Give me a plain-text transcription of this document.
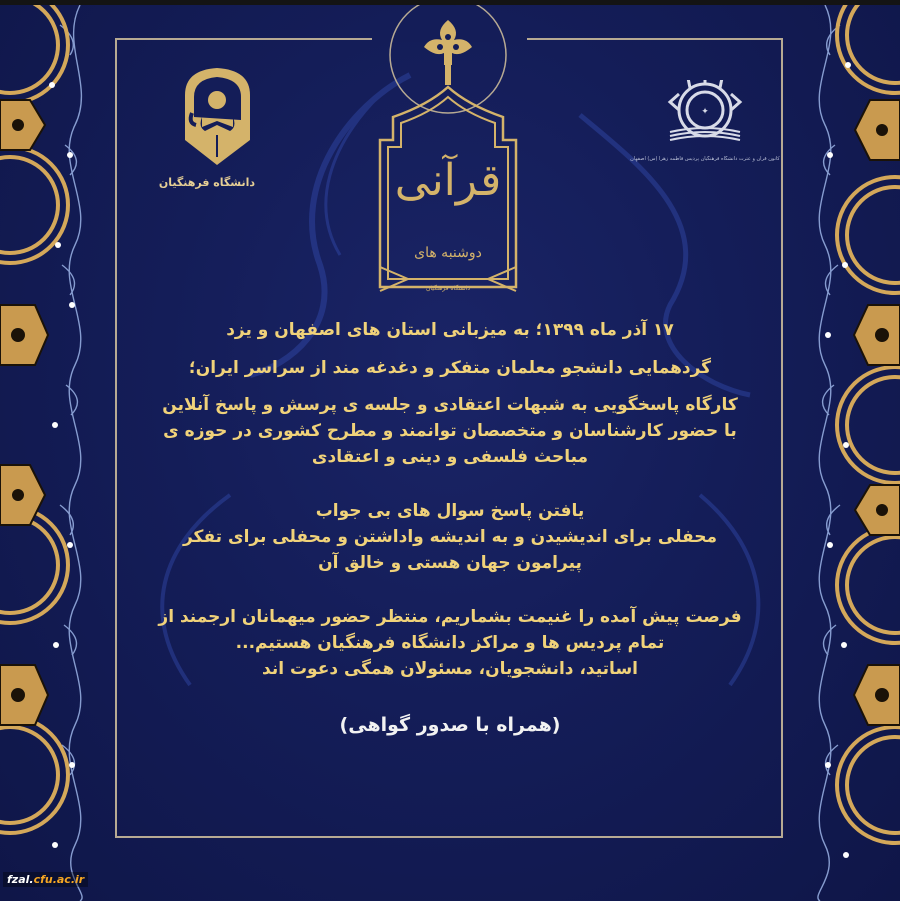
دانشگاه فرهنگیان	قرآنی
دوشنبه های
دانشگاه فرهنگیان
✦
کانون قرآن و عترت دانشگاه فرهنگیان پردیس فاطمه زهرا (س) اصفهان
۱۷ آذر ماه ۱۳۹۹؛ به میزبانی استان های اصفهان و یزد
گردهمایی دانشجو معلمان متفکر و دغدغه مند از سراسر ایران؛
کارگاه پاسخگویی به شبهات اعتقادی و جلسه ی پرسش و پاسخ آنلاین
با حضور کارشناسان و متخصصان توانمند و مطرح کشوری در حوزه ی
مباحث فلسفی و دینی و اعتقادی
یافتن پاسخ سوال های بی جواب
محفلی برای اندیشیدن و به اندیشه واداشتن و محفلی برای تفکر
پیرامون جهان هستی و خالق آن
فرصت پیش آمده را غنیمت بشماریم، منتظر حضور میهمانان ارجمند از
تمام پردیس ها و مراکز دانشگاه فرهنگیان هستیم...
اساتید، دانشجویان، مسئولان همگی دعوت اند
(همراه با صدور گواهی)
fzal.cfu.ac.ir
